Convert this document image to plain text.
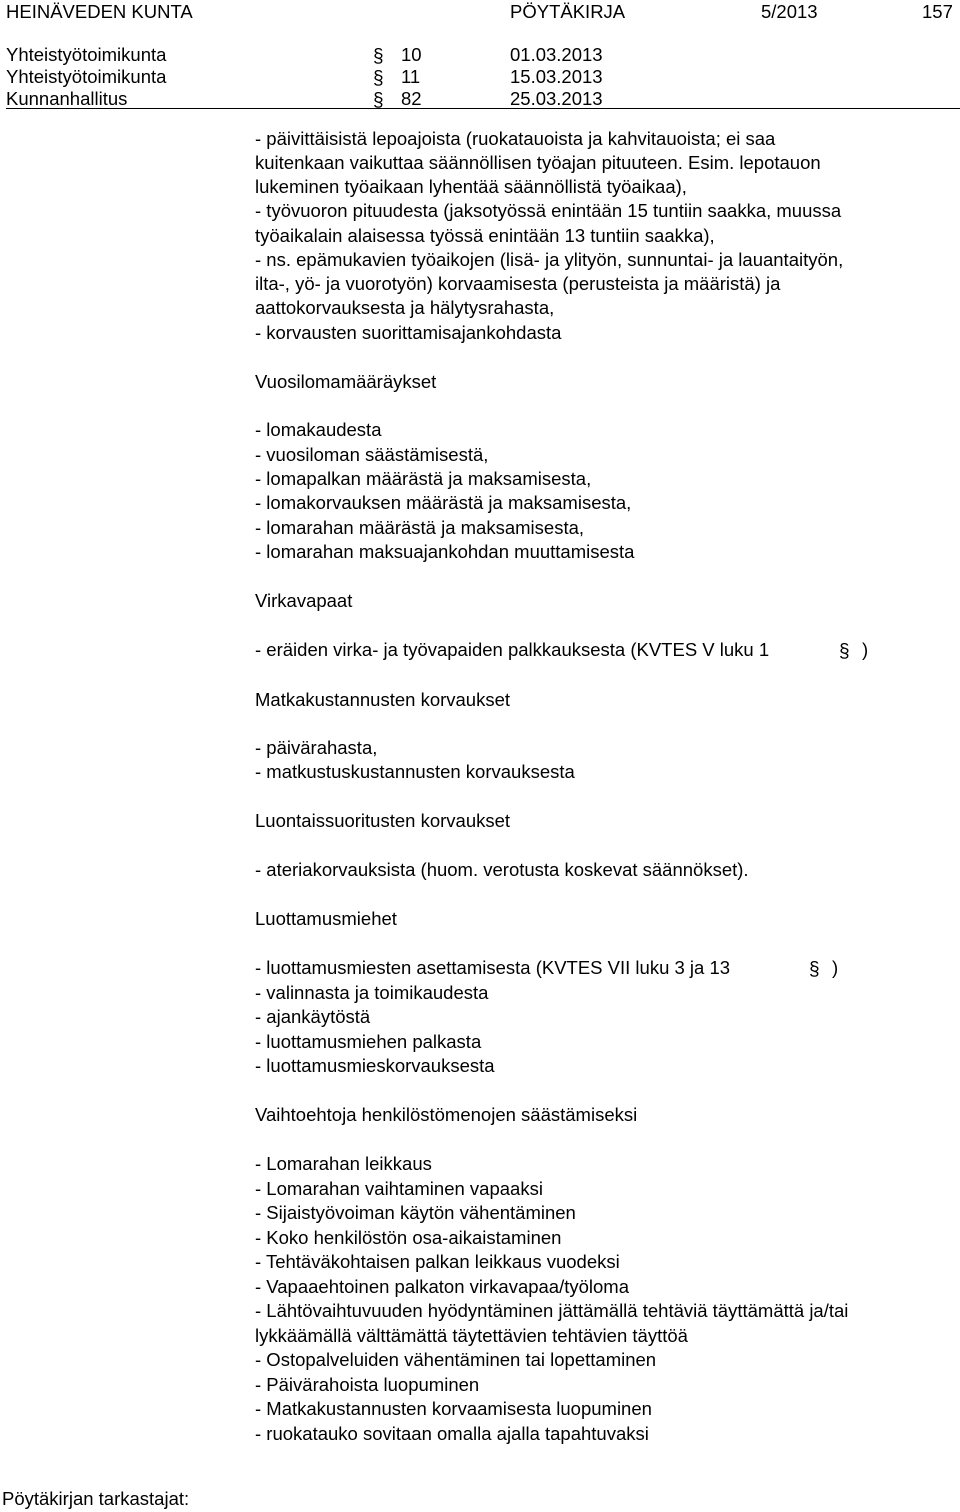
HEINÄVEDEN KUNTA	PÖYTÄKIRJA	5/2013	157
Yhteistyötoimikunta	§ 10	01.03.2013
Yhteistyötoimikunta	§ 11	15.03.2013
Kunnanhallitus	§ 82	25.03.2013
- päivittäisistä lepoajoista (ruokatauoista ja kahvitauoista; ei saa
kuitenkaan vaikuttaa säännöllisen työajan pituuteen. Esim. lepotauon
lukeminen työaikaan lyhentää säännöllistä työaikaa),
- työvuoron pituudesta (jaksotyössä enintään 15 tuntiin saakka, muussa
työaikalain alaisessa työssä enintään 13 tuntiin saakka),
- ns. epämukavien työaikojen (lisä- ja ylityön, sunnuntai- ja lauantaityön,
ilta-, yö- ja vuorotyön) korvaamisesta (perusteista ja määristä) ja
aattokorvauksesta ja hälytysrahasta,
- korvausten suorittamisajankohdasta
Vuosilomamääräykset
- lomakaudesta
- vuosiloman säästämisestä,
- lomapalkan määrästä ja maksamisesta,
- lomakorvauksen määrästä ja maksamisesta,
- lomarahan määrästä ja maksamisesta,
- lomarahan maksuajankohdan muuttamisesta
Virkavapaat
- eräiden virka- ja työvapaiden palkkauksesta (KVTES V luku 1
Matkakustannusten korvaukset
- päivärahasta,
- matkustuskustannusten korvauksesta
Luontaissuoritusten korvaukset
- ateriakorvauksista (huom. verotusta koskevat säännökset).
Luottamusmiehet
- luottamusmiesten asettamisesta (KVTES VII luku 3 ja 13
- valinnasta ja toimikaudesta
- ajankäytöstä
- luottamusmiehen palkasta
- luottamusmieskorvauksesta
Vaihtoehtoja henkilöstömenojen säästämiseksi
- Lomarahan leikkaus
- Lomarahan vaihtaminen vapaaksi
- Sijaistyövoiman käytön vähentäminen
- Koko henkilöstön osa-aikaistaminen
- Tehtäväkohtaisen palkan leikkaus vuodeksi
- Vapaaehtoinen palkaton virkavapaa/työloma
- Lähtövaihtuvuuden hyödyntäminen jättämällä tehtäviä täyttämättä ja/tai
lykkäämällä välttämättä täytettävien tehtävien täyttöä
- Ostopalveluiden vähentäminen tai lopettaminen
- Päivärahoista luopuminen
- Matkakustannusten korvaamisesta luopuminen
- ruokatauko sovitaan omalla ajalla tapahtuvaksi
§ )
§ )
Pöytäkirjan tarkastajat:
